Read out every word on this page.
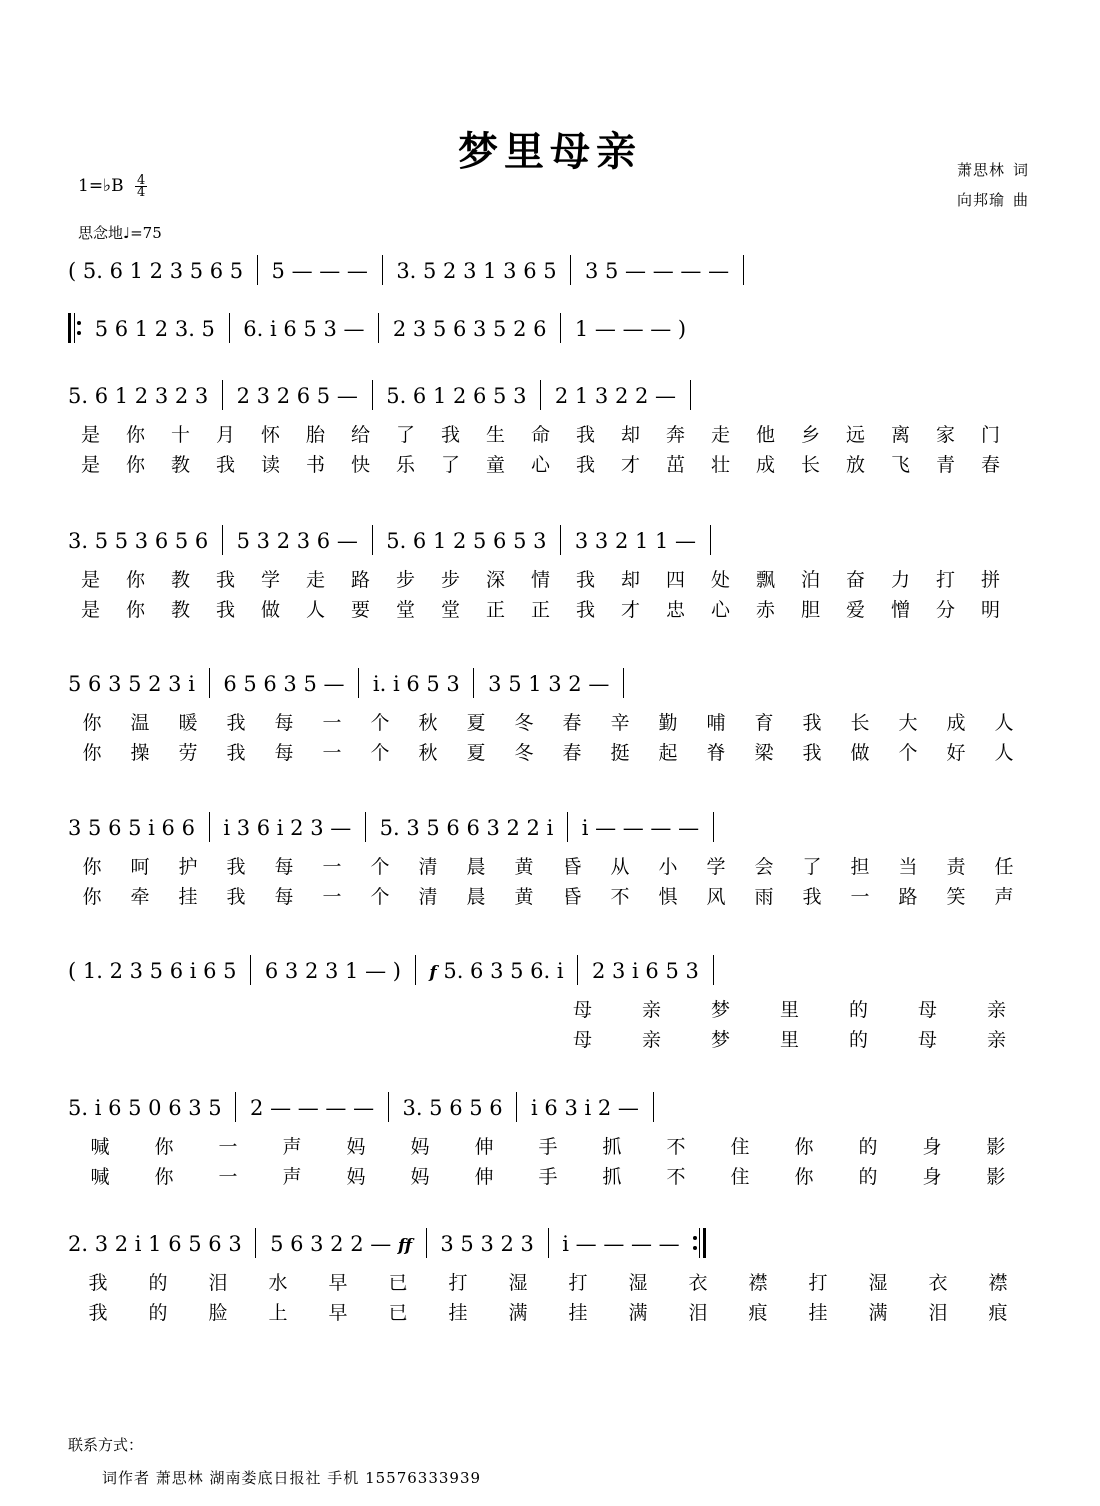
梦里母亲	萧思林 词
向邦瑜 曲
1=♭B $\frac{4}{4}$
思念地♩=75
( 5. 6 1 2 3 5 6 5 5 — — — 3. 5 2 3 1 3 6 5 3 5 — — — —
5 6 1 2 3. 5 6. i 6 5 3 — 2 3 5 6 3 5 2 6 1 — — — )
5. 6 1 2 3 2 3 2 3 2 6 5 — 5. 6 1 2 6 5 3 2 1 3 2 2 —
是 你 十 月 怀 胎 给 了 我 生 命 我 却 奔 走 他 乡 远 离 家 门
是 你 教 我 读 书 快 乐 了 童 心 我 才 茁 壮 成 长 放 飞 青 春
3. 5 5 3 6 5 6 5 3 2 3 6 — 5. 6 1 2 5 6 5 3 3 3 2 1 1 —
是 你 教 我 学 走 路 步 步 深 情 我 却 四 处 飘 泊 奋 力 打 拼
是 你 教 我 做 人 要 堂 堂 正 正 我 才 忠 心 赤 胆 爱 憎 分 明
5 6 3 5 2 3 i 6 5 6 3 5 — i. i 6 5 3 3 5 1 3 2 —
你 温 暖 我 每 一 个 秋 夏 冬 春 辛 勤 哺 育 我 长 大 成 人
你 操 劳 我 每 一 个 秋 夏 冬 春 挺 起 脊 梁 我 做 个 好 人
3 5 6 5 i 6 6 i 3 6 i 2 3 — 5. 3 5 6 6 3 2 2 i i — — — —
你 呵 护 我 每 一 个 清 晨 黄 昏 从 小 学 会 了 担 当 责 任
你 牵 挂 我 每 一 个 清 晨 黄 昏 不 惧 风 雨 我 一 路 笑 声
( 1. 2 3 5 6 i 6 5 6 3 2 3 1 — ) f 5. 6 3 5 6. i 2 3 i 6 5 3
母	亲	梦	里	的	母	亲
母	亲	梦	里	的	母	亲
5. i 6 5 0 6 3 5 2 — — — — 3. 5 6 5 6 i 6 3 i 2 —
喊 你 一 声 妈 妈 伸 手 抓 不 住 你 的 身 影
喊 你 一 声 妈 妈 伸 手 抓 不 住 你 的 身 影
2. 3 2 i 1 6 5 6 3 5 6 3 2 2 — ff 3 5 3 2 3 i — — — —
我 的 泪 水 早 已 打 湿 打 湿 衣 襟 打 湿 衣 襟
我 的 脸 上 早 已 挂 满 挂 满 泪 痕 挂 满 泪 痕
联系方式：
词作者 萧思林 湖南娄底日报社 手机 15576333939
